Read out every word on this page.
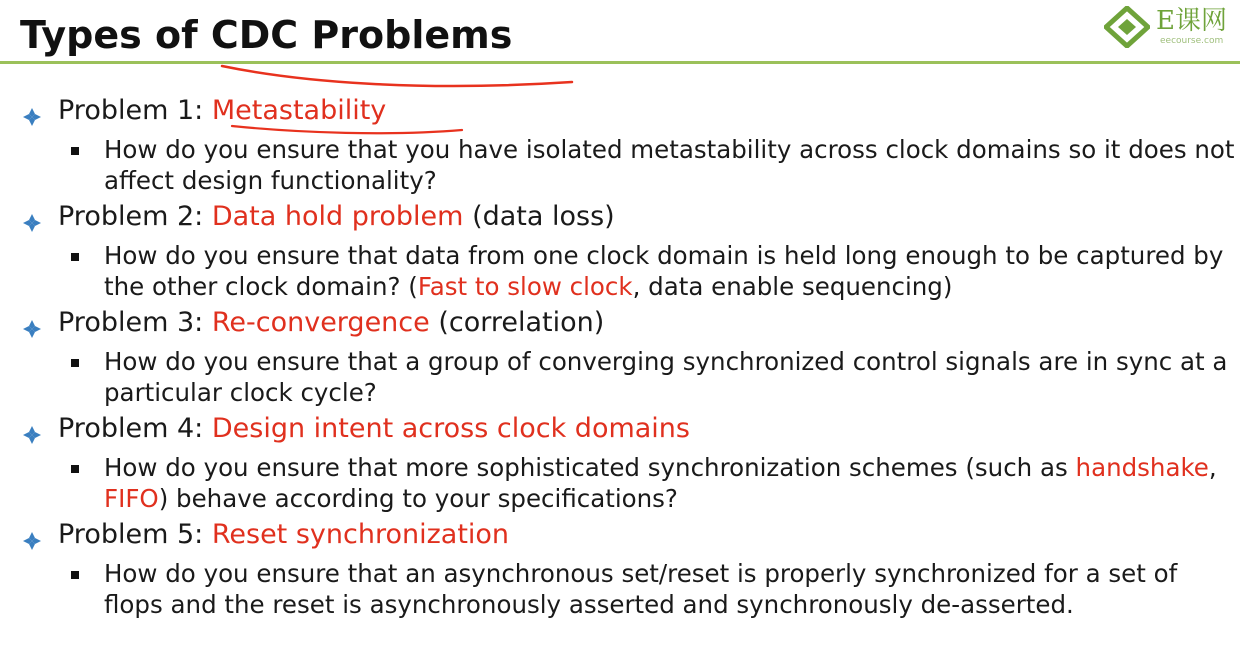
Types of CDC Problems	E课网
eecourse.com
Problem 1: Metastability
How do you ensure that you have isolated metastability across clock domains so it does not affect design functionality?
Problem 2: Data hold problem (data loss)
How do you ensure that data from one clock domain is held long enough to be captured by the other clock domain? (Fast to slow clock, data enable sequencing)
Problem 3: Re-convergence (correlation)
How do you ensure that a group of converging synchronized control signals are in sync at a particular clock cycle?
Problem 4: Design intent across clock domains
How do you ensure that more sophisticated synchronization schemes (such as handshake, FIFO) behave according to your specifications?
Problem 5: Reset synchronization
How do you ensure that an asynchronous set/reset is properly synchronized for a set of flops and the reset is asynchronously asserted and synchronously de-asserted.
